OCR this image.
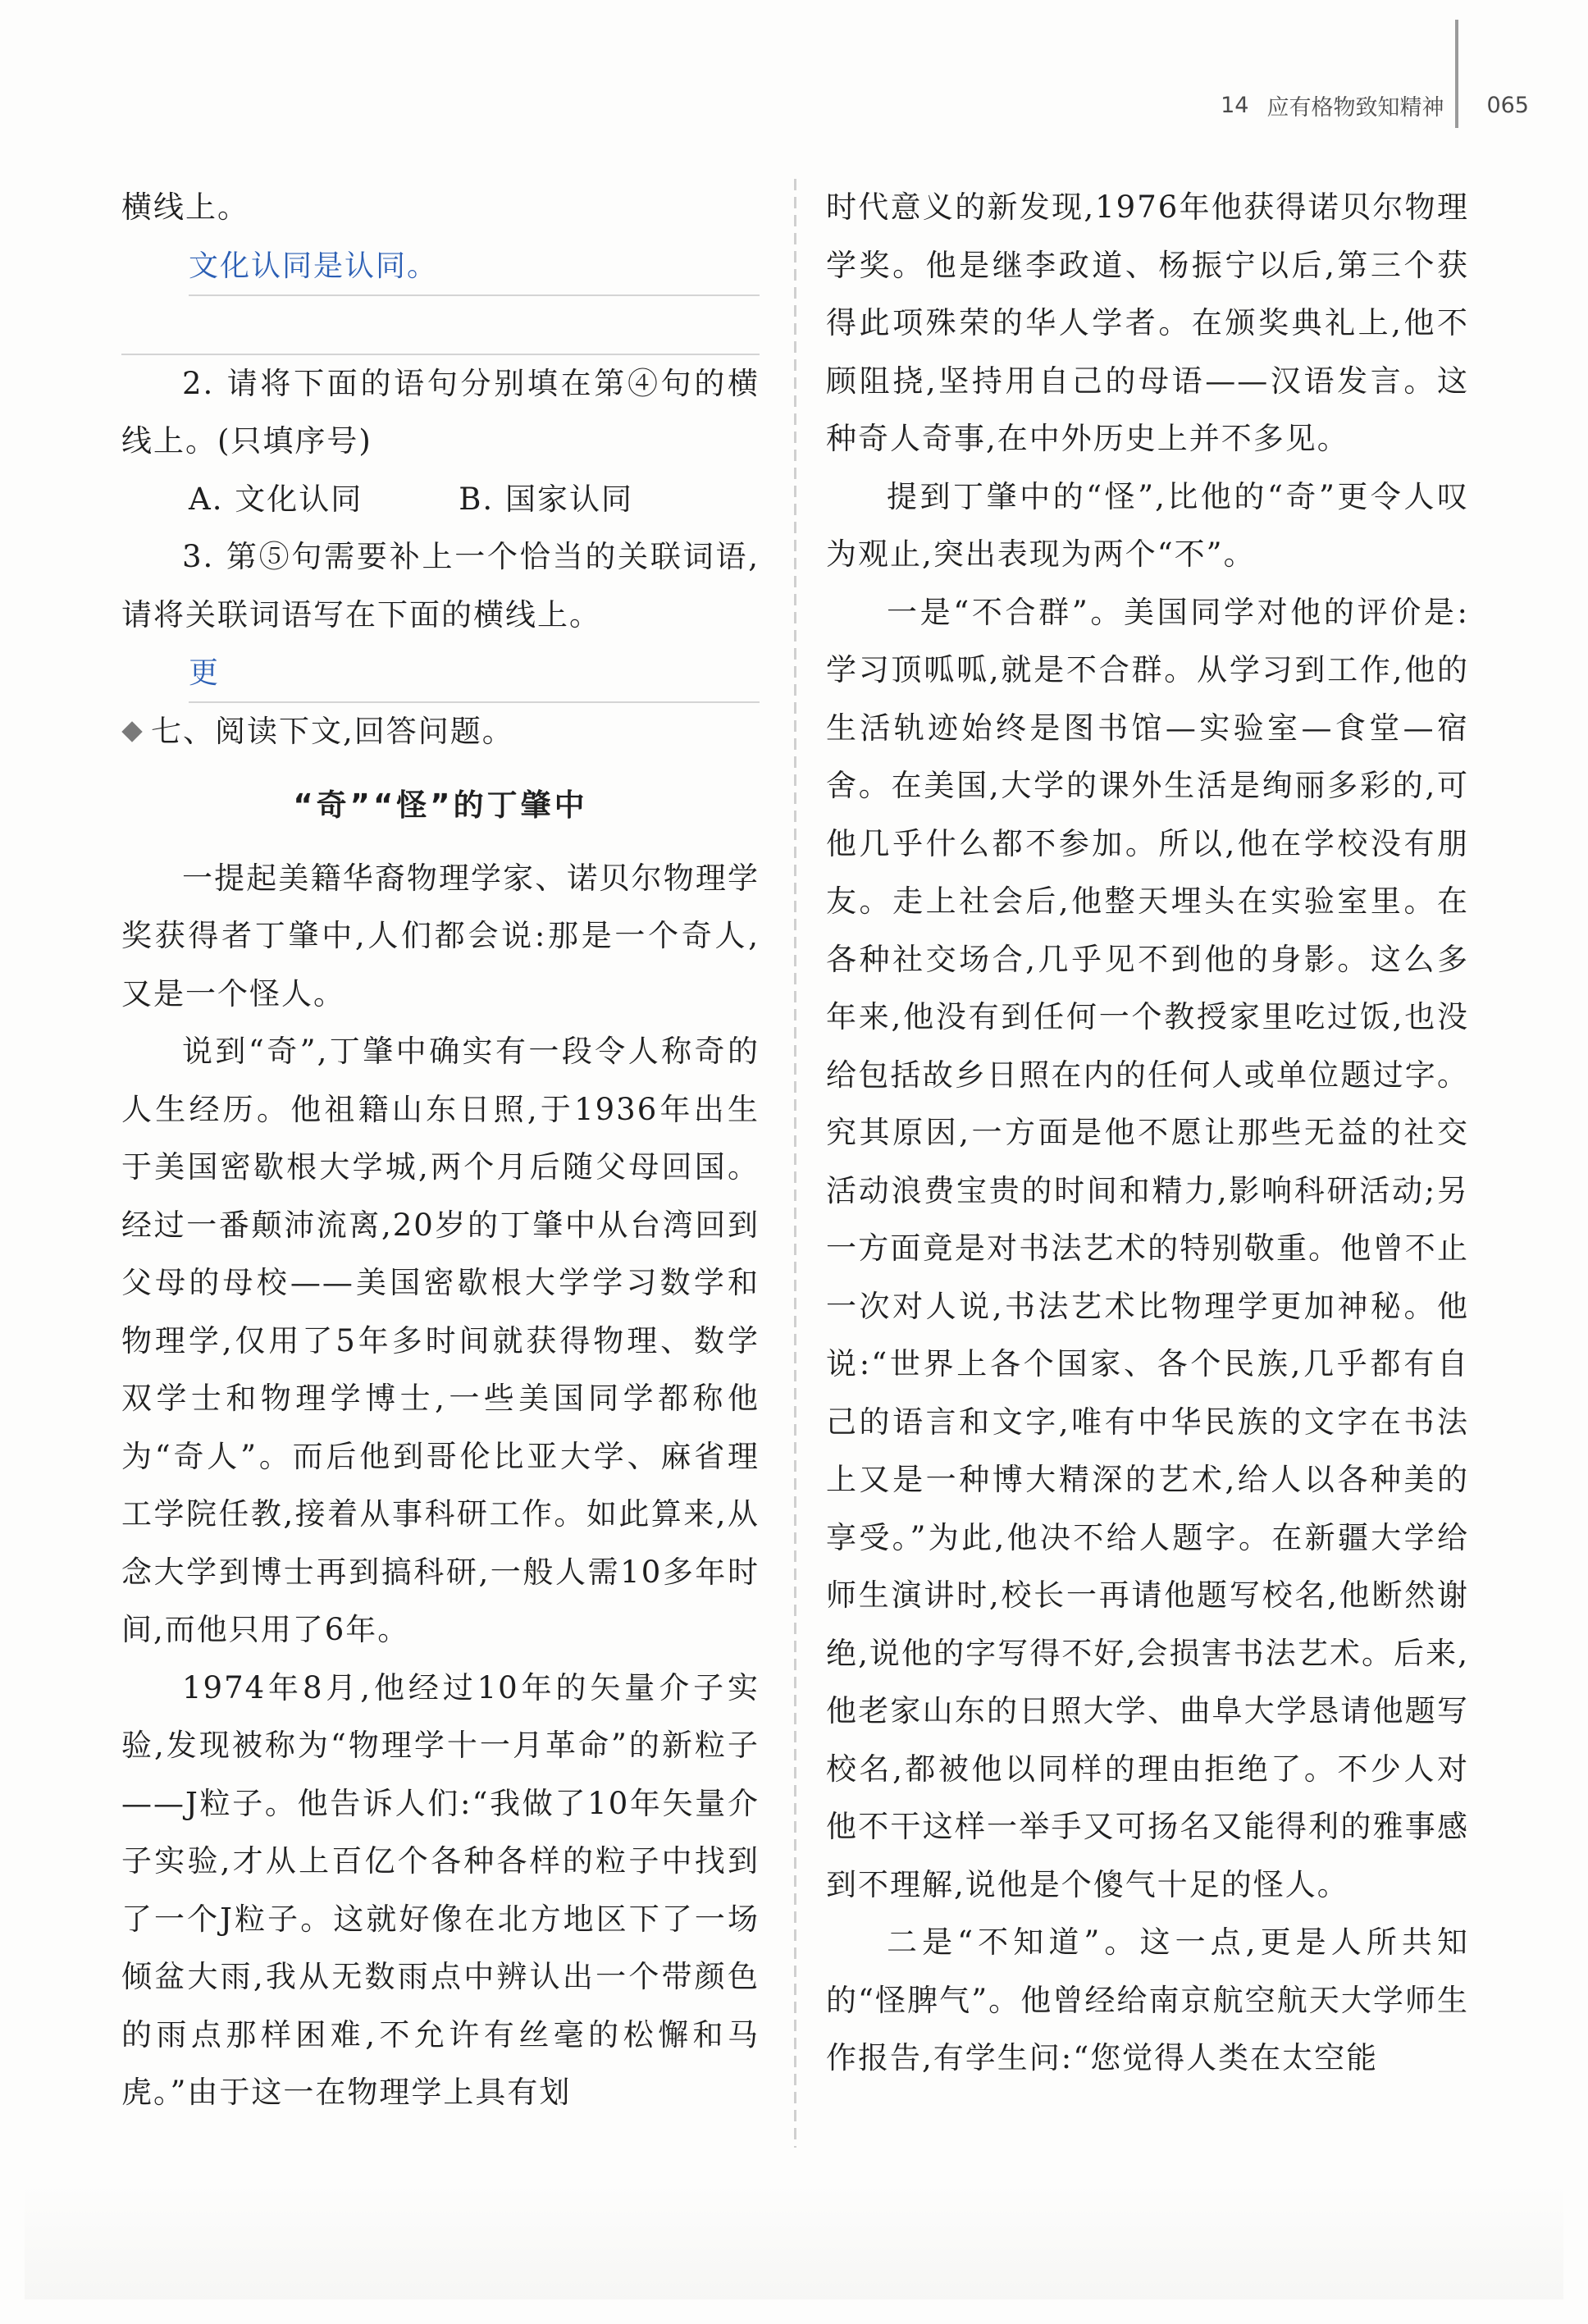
14 应有格物致知精神 065

横线上。

文化认同是认同。

2. 请将下面的语句分别填在第④句的横线上。(只填序号)

A. 文化认同　　　B. 国家认同

3. 第⑤句需要补上一个恰当的关联词语,请将关联词语写在下面的横线上。

更
七、阅读下文,回答问题。
“奇”“怪”的丁肇中

一提起美籍华裔物理学家、诺贝尔物理学奖获得者丁肇中,人们都会说:那是一个奇人,又是一个怪人。

说到“奇”,丁肇中确实有一段令人称奇的人生经历。他祖籍山东日照,于1936年出生于美国密歇根大学城,两个月后随父母回国。经过一番颠沛流离,20岁的丁肇中从台湾回到父母的母校——美国密歇根大学学习数学和物理学,仅用了5年多时间就获得物理、数学双学士和物理学博士,一些美国同学都称他为“奇人”。而后他到哥伦比亚大学、麻省理工学院任教,接着从事科研工作。如此算来,从念大学到博士再到搞科研,一般人需10多年时间,而他只用了6年。

1974年8月,他经过10年的矢量介子实验,发现被称为“物理学十一月革命”的新粒子——J粒子。他告诉人们:“我做了10年矢量介子实验,才从上百亿个各种各样的粒子中找到了一个J粒子。这就好像在北方地区下了一场倾盆大雨,我从无数雨点中辨认出一个带颜色的雨点那样困难,不允许有丝毫的松懈和马虎。”由于这一在物理学上具有划

时代意义的新发现,1976年他获得诺贝尔物理学奖。他是继李政道、杨振宁以后,第三个获得此项殊荣的华人学者。在颁奖典礼上,他不顾阻挠,坚持用自己的母语——汉语发言。这种奇人奇事,在中外历史上并不多见。

提到丁肇中的“怪”,比他的“奇”更令人叹为观止,突出表现为两个“不”。

一是“不合群”。美国同学对他的评价是:学习顶呱呱,就是不合群。从学习到工作,他的生活轨迹始终是图书馆—实验室—食堂—宿舍。在美国,大学的课外生活是绚丽多彩的,可他几乎什么都不参加。所以,他在学校没有朋友。走上社会后,他整天埋头在实验室里。在各种社交场合,几乎见不到他的身影。这么多年来,他没有到任何一个教授家里吃过饭,也没给包括故乡日照在内的任何人或单位题过字。究其原因,一方面是他不愿让那些无益的社交活动浪费宝贵的时间和精力,影响科研活动;另一方面竟是对书法艺术的特别敬重。他曾不止一次对人说,书法艺术比物理学更加神秘。他说:“世界上各个国家、各个民族,几乎都有自己的语言和文字,唯有中华民族的文字在书法上又是一种博大精深的艺术,给人以各种美的享受。”为此,他决不给人题字。在新疆大学给师生演讲时,校长一再请他题写校名,他断然谢绝,说他的字写得不好,会损害书法艺术。后来,他老家山东的日照大学、曲阜大学恳请他题写校名,都被他以同样的理由拒绝了。不少人对他不干这样一举手又可扬名又能得利的雅事感到不理解,说他是个傻气十足的怪人。

二是“不知道”。这一点,更是人所共知的“怪脾气”。他曾经给南京航空航天大学师生作报告,有学生问:“您觉得人类在太空能
